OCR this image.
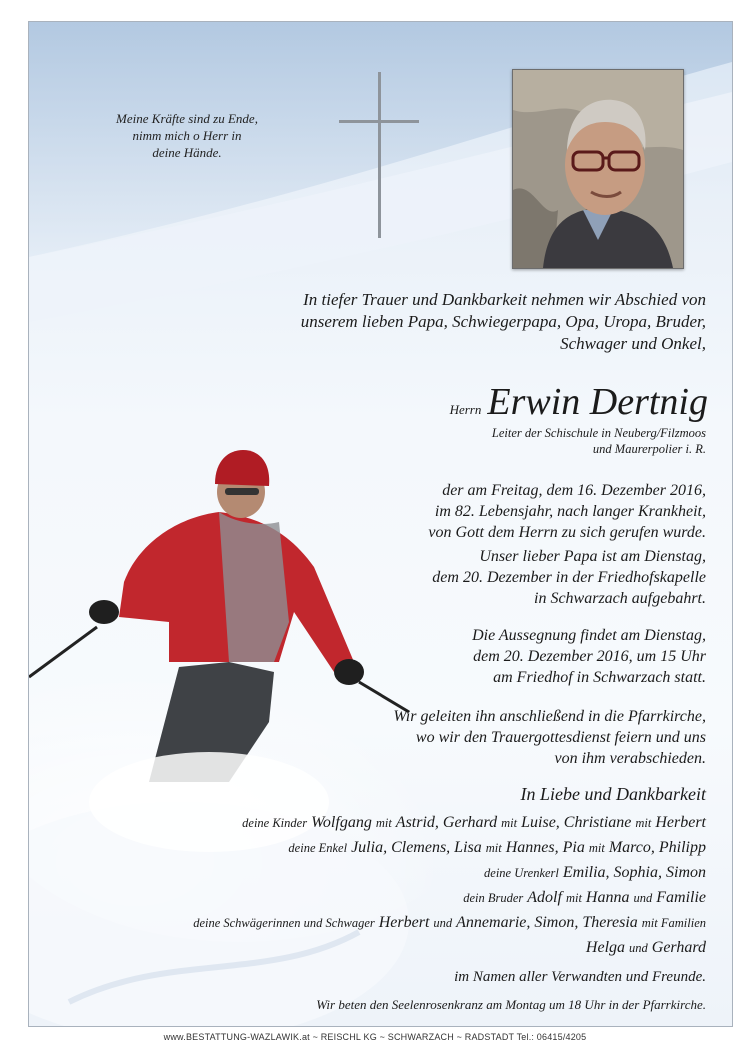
Meine Kräfte sind zu Ende,
nimm mich o Herr in
deine Hände.
In tiefer Trauer und Dankbarkeit nehmen wir Abschied von
unserem lieben Papa, Schwiegerpapa, Opa, Uropa, Bruder,
Schwager und Onkel,
Herrn Erwin Dertnig
Leiter der Schischule in Neuberg/Filzmoos
und Maurerpolier i. R.
der am Freitag, dem 16. Dezember 2016,
im 82. Lebensjahr, nach langer Krankheit,
von Gott dem Herrn zu sich gerufen wurde.
Unser lieber Papa ist am Dienstag,
dem 20. Dezember in der Friedhofskapelle
in Schwarzach aufgebahrt.
Die Aussegnung findet am Dienstag,
dem 20. Dezember 2016, um 15 Uhr
am Friedhof in Schwarzach statt.
Wir geleiten ihn anschließend in die Pfarrkirche,
wo wir den Trauergottesdienst feiern und uns
von ihm verabschieden.
In Liebe und Dankbarkeit
deine Kinder Wolfgang mit Astrid, Gerhard mit Luise, Christiane mit Herbert
deine Enkel Julia, Clemens, Lisa mit Hannes, Pia mit Marco, Philipp
deine Urenkerl Emilia, Sophia, Simon
dein Bruder Adolf mit Hanna und Familie
deine Schwägerinnen und Schwager Herbert und Annemarie, Simon, Theresia mit Familien
Helga und Gerhard
im Namen aller Verwandten und Freunde.
Wir beten den Seelenrosenkranz am Montag um 18 Uhr in der Pfarrkirche.
www.BESTATTUNG-WAZLAWIK.at ~ REISCHL KG ~ SCHWARZACH ~ RADSTADT Tel.: 06415/4205
